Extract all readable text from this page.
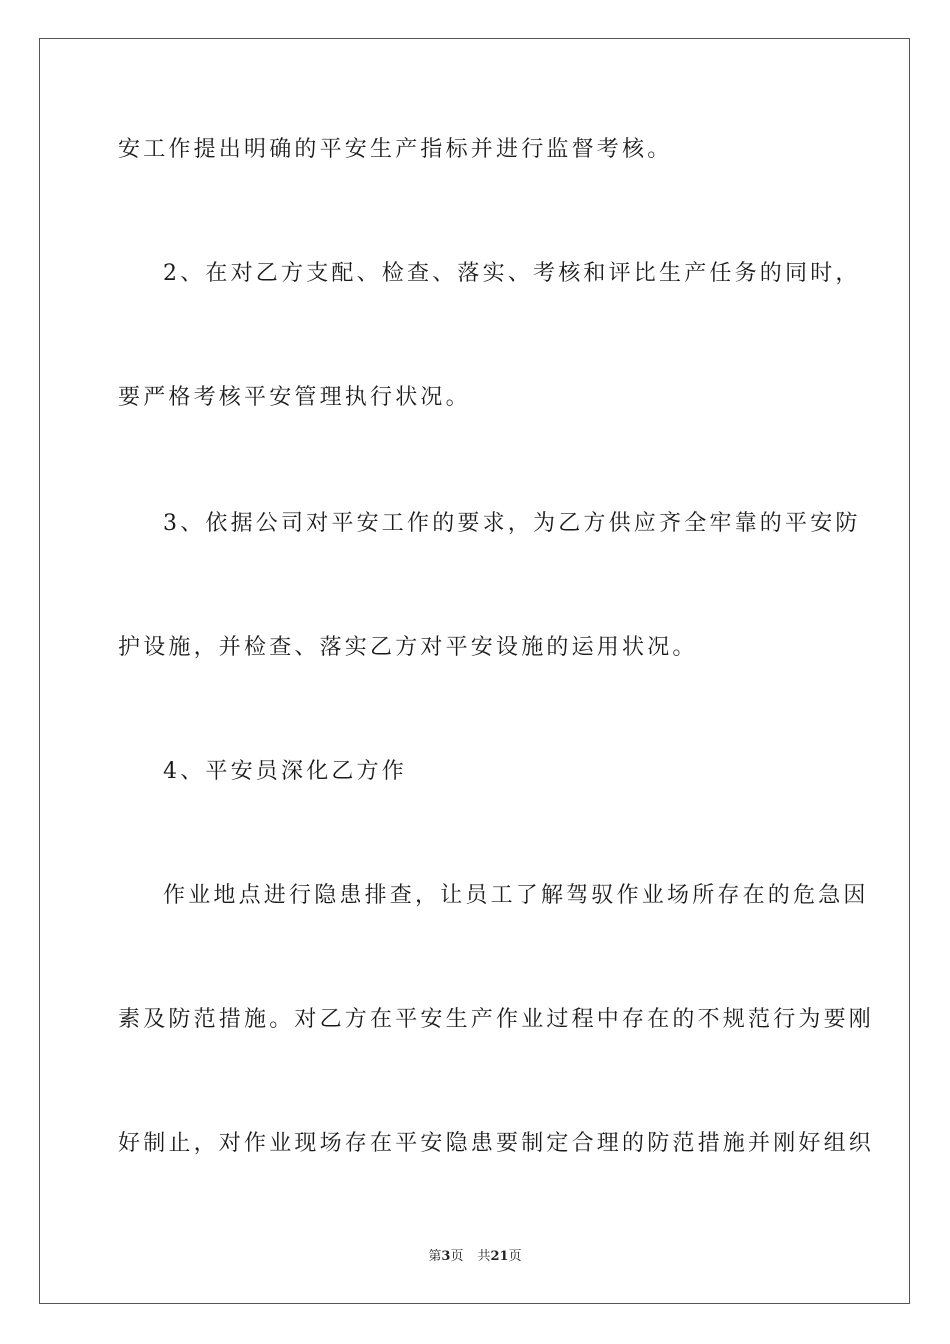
安工作提出明确的平安生产指标并进行监督考核。
2、在对乙方支配、检查、落实、考核和评比生产任务的同时，
要严格考核平安管理执行状况。
3、依据公司对平安工作的要求，为乙方供应齐全牢靠的平安防
护设施，并检查、落实乙方对平安设施的运用状况。
4、平安员深化乙方作
作业地点进行隐患排查，让员工了解驾驭作业场所存在的危急因
素及防范措施。对乙方在平安生产作业过程中存在的不规范行为要刚
好制止，对作业现场存在平安隐患要制定合理的防范措施并刚好组织
第3页 共21页
